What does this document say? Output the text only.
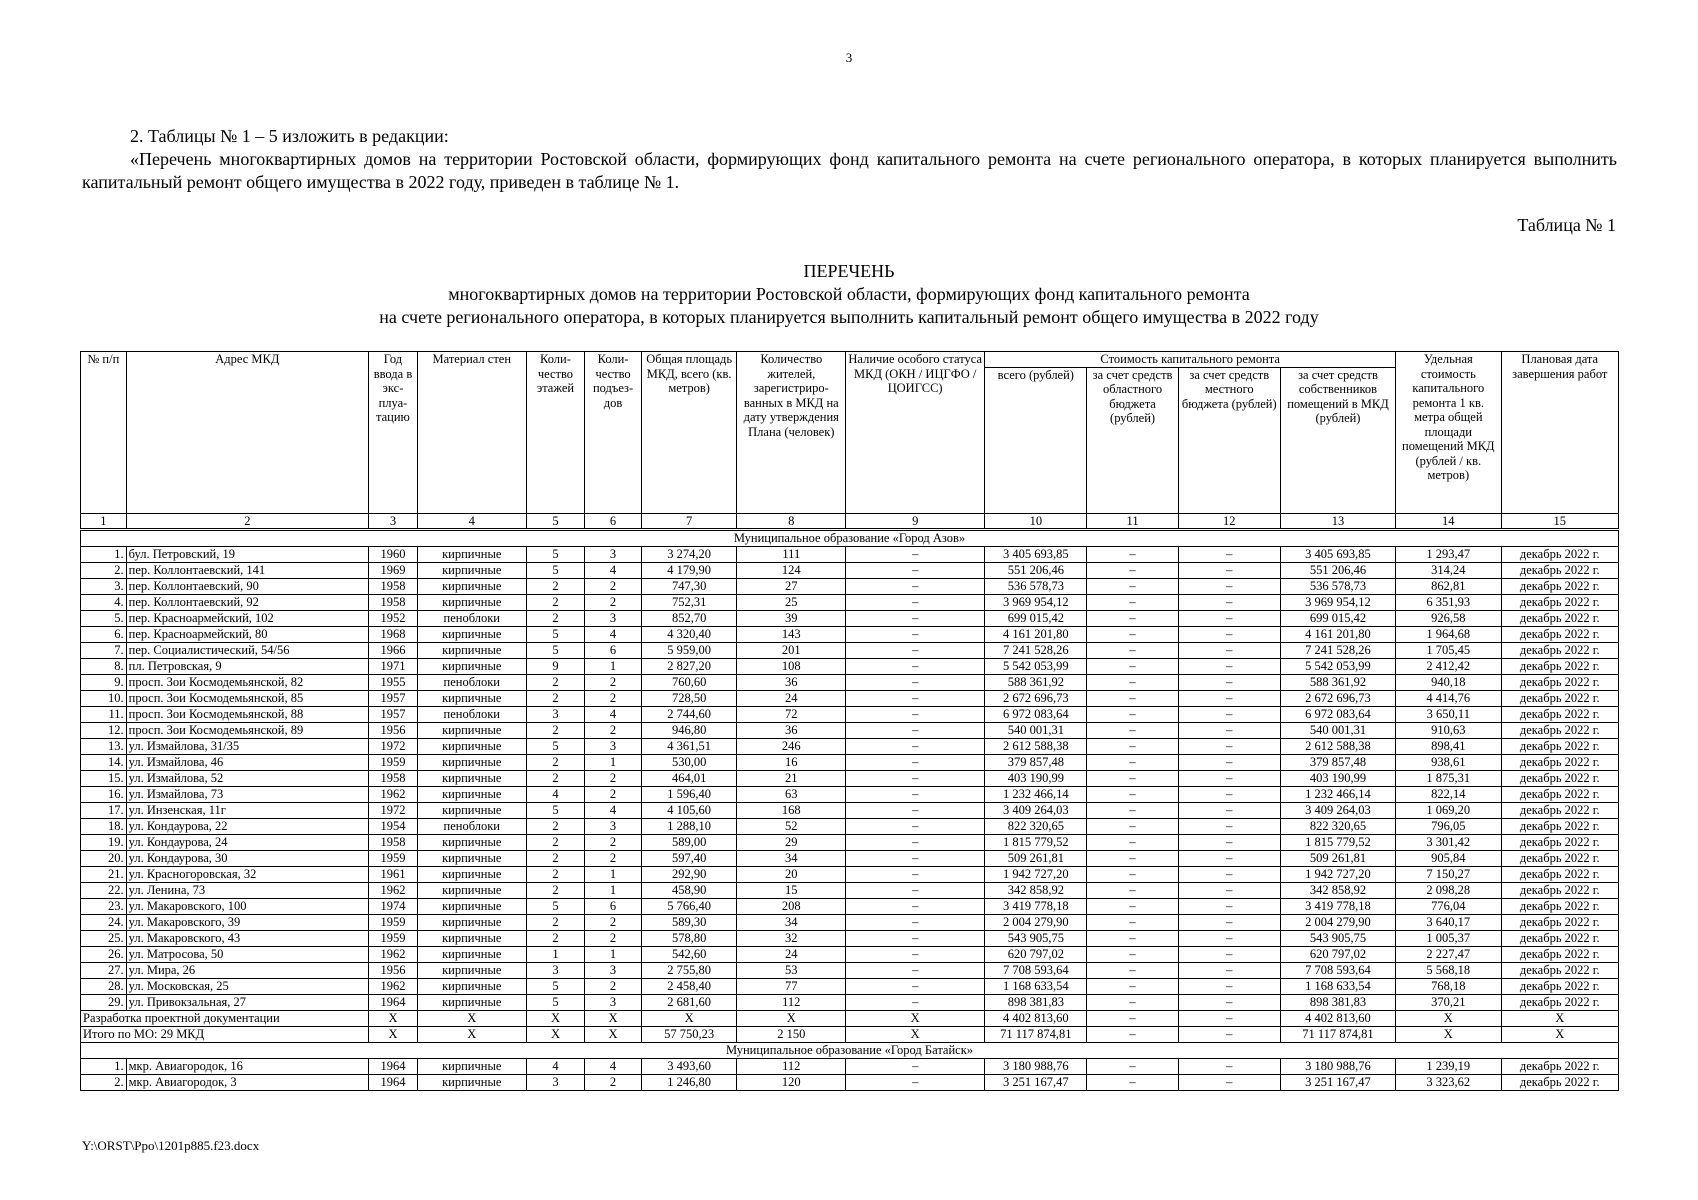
3
2. Таблицы № 1 – 5 изложить в редакции:
«Перечень многоквартирных домов на территории Ростовской области, формирующих фонд капитального ремонта на счете регионального оператора, в которых планируется выполнить капитальный ремонт общего имущества в 2022 году, приведен в таблице № 1.
Таблица № 1
ПЕРЕЧЕНЬ
многоквартирных домов на территории Ростовской области, формирующих фонд капитального ремонта
на счете регионального оператора, в которых планируется выполнить капитальный ремонт общего имущества в 2022 году
№ п/п	Адрес МКД	Год ввода в экс- плуа- тацию	Материал стен	Коли- чество этажей	Коли- чество подъез- дов	Общая площадь МКД, всего (кв. метров)	Количество жителей, зарегистриро- ванных в МКД на дату утверждения Плана (человек)	Наличие особого статуса МКД (ОКН / ИЦГФО / ЦОИГСС)	Стоимость капитального ремонта				Удельная стоимость капитального ремонта 1 кв. метра общей площади помещений МКД (рублей / кв. метров)	Плановая дата завершения работ
									всего (рублей)	за счет средств областного бюджета (рублей)	за счет средств местного бюджета (рублей)	за счет средств собственников помещений в МКД (рублей)		
1	2	3	4	5	6	7	8	9	10	11	12	13	14	15
Муниципальное образование «Город Азов»														
1.	бул. Петровский, 19	1960	кирпичные	5	3	3 274,20	111	–	3 405 693,85	–	–	3 405 693,85	1 293,47	декабрь 2022 г.
2.	пер. Коллонтаевский, 141	1969	кирпичные	5	4	4 179,90	124	–	551 206,46	–	–	551 206,46	314,24	декабрь 2022 г.
3.	пер. Коллонтаевский, 90	1958	кирпичные	2	2	747,30	27	–	536 578,73	–	–	536 578,73	862,81	декабрь 2022 г.
4.	пер. Коллонтаевский, 92	1958	кирпичные	2	2	752,31	25	–	3 969 954,12	–	–	3 969 954,12	6 351,93	декабрь 2022 г.
5.	пер. Красноармейский, 102	1952	пеноблоки	2	3	852,70	39	–	699 015,42	–	–	699 015,42	926,58	декабрь 2022 г.
6.	пер. Красноармейский, 80	1968	кирпичные	5	4	4 320,40	143	–	4 161 201,80	–	–	4 161 201,80	1 964,68	декабрь 2022 г.
7.	пер. Социалистический, 54/56	1966	кирпичные	5	6	5 959,00	201	–	7 241 528,26	–	–	7 241 528,26	1 705,45	декабрь 2022 г.
8.	пл. Петровская, 9	1971	кирпичные	9	1	2 827,20	108	–	5 542 053,99	–	–	5 542 053,99	2 412,42	декабрь 2022 г.
9.	просп. Зои Космодемьянской, 82	1955	пеноблоки	2	2	760,60	36	–	588 361,92	–	–	588 361,92	940,18	декабрь 2022 г.
10.	просп. Зои Космодемьянской, 85	1957	кирпичные	2	2	728,50	24	–	2 672 696,73	–	–	2 672 696,73	4 414,76	декабрь 2022 г.
11.	просп. Зои Космодемьянской, 88	1957	пеноблоки	3	4	2 744,60	72	–	6 972 083,64	–	–	6 972 083,64	3 650,11	декабрь 2022 г.
12.	просп. Зои Космодемьянской, 89	1956	кирпичные	2	2	946,80	36	–	540 001,31	–	–	540 001,31	910,63	декабрь 2022 г.
13.	ул. Измайлова, 31/35	1972	кирпичные	5	3	4 361,51	246	–	2 612 588,38	–	–	2 612 588,38	898,41	декабрь 2022 г.
14.	ул. Измайлова, 46	1959	кирпичные	2	1	530,00	16	–	379 857,48	–	–	379 857,48	938,61	декабрь 2022 г.
15.	ул. Измайлова, 52	1958	кирпичные	2	2	464,01	21	–	403 190,99	–	–	403 190,99	1 875,31	декабрь 2022 г.
16.	ул. Измайлова, 73	1962	кирпичные	4	2	1 596,40	63	–	1 232 466,14	–	–	1 232 466,14	822,14	декабрь 2022 г.
17.	ул. Инзенская, 11г	1972	кирпичные	5	4	4 105,60	168	–	3 409 264,03	–	–	3 409 264,03	1 069,20	декабрь 2022 г.
18.	ул. Кондаурова, 22	1954	пеноблоки	2	3	1 288,10	52	–	822 320,65	–	–	822 320,65	796,05	декабрь 2022 г.
19.	ул. Кондаурова, 24	1958	кирпичные	2	2	589,00	29	–	1 815 779,52	–	–	1 815 779,52	3 301,42	декабрь 2022 г.
20.	ул. Кондаурова, 30	1959	кирпичные	2	2	597,40	34	–	509 261,81	–	–	509 261,81	905,84	декабрь 2022 г.
21.	ул. Красногоровская, 32	1961	кирпичные	2	1	292,90	20	–	1 942 727,20	–	–	1 942 727,20	7 150,27	декабрь 2022 г.
22.	ул. Ленина, 73	1962	кирпичные	2	1	458,90	15	–	342 858,92	–	–	342 858,92	2 098,28	декабрь 2022 г.
23.	ул. Макаровского, 100	1974	кирпичные	5	6	5 766,40	208	–	3 419 778,18	–	–	3 419 778,18	776,04	декабрь 2022 г.
24.	ул. Макаровского, 39	1959	кирпичные	2	2	589,30	34	–	2 004 279,90	–	–	2 004 279,90	3 640,17	декабрь 2022 г.
25.	ул. Макаровского, 43	1959	кирпичные	2	2	578,80	32	–	543 905,75	–	–	543 905,75	1 005,37	декабрь 2022 г.
26.	ул. Матросова, 50	1962	кирпичные	1	1	542,60	24	–	620 797,02	–	–	620 797,02	2 227,47	декабрь 2022 г.
27.	ул. Мира, 26	1956	кирпичные	3	3	2 755,80	53	–	7 708 593,64	–	–	7 708 593,64	5 568,18	декабрь 2022 г.
28.	ул. Московская, 25	1962	кирпичные	5	2	2 458,40	77	–	1 168 633,54	–	–	1 168 633,54	768,18	декабрь 2022 г.
29.	ул. Привокзальная, 27	1964	кирпичные	5	3	2 681,60	112	–	898 381,83	–	–	898 381,83	370,21	декабрь 2022 г.
Разработка проектной документации		X	X	X	X	X	X	X	4 402 813,60	–	–	4 402 813,60	X	X
Итого по МО: 29 МКД		X	X	X	X	57 750,23	2 150	X	71 117 874,81	–	–	71 117 874,81	X	X
Муниципальное образование «Город Батайск»														
1.	мкр. Авиагородок, 16	1964	кирпичные	4	4	3 493,60	112	–	3 180 988,76	–	–	3 180 988,76	1 239,19	декабрь 2022 г.
2.	мкр. Авиагородок, 3	1964	кирпичные	3	2	1 246,80	120	–	3 251 167,47	–	–	3 251 167,47	3 323,62	декабрь 2022 г.
Y:\ORST\Ppo\1201p885.f23.docx
